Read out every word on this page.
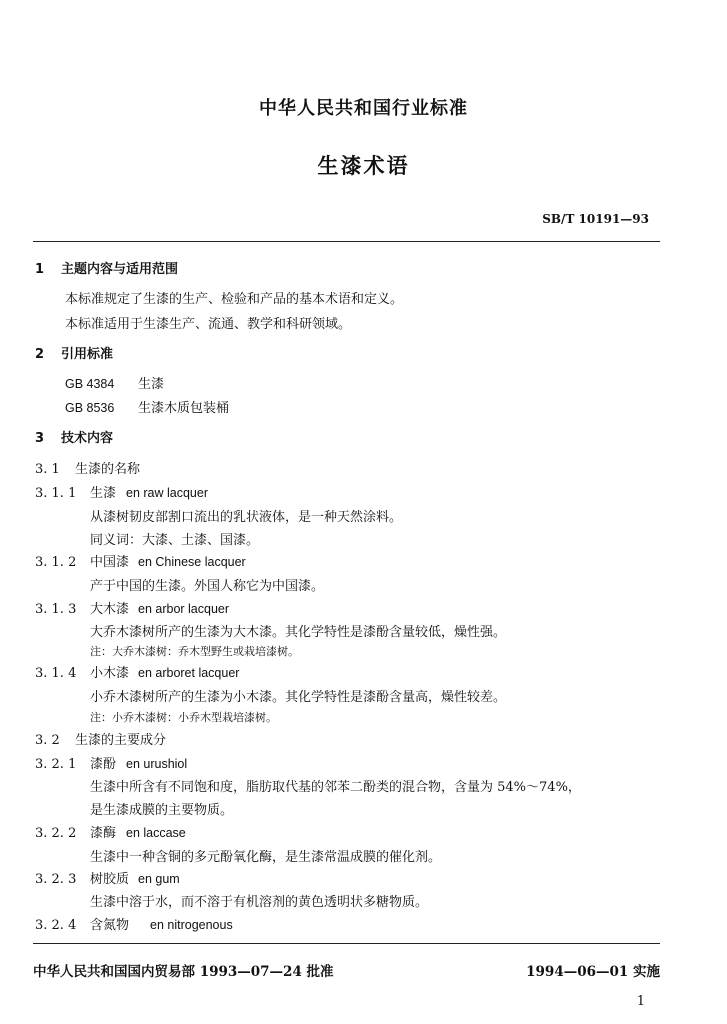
中华人民共和国行业标准
生漆术语
SB/T 10191—93
1 主题内容与适用范围
本标准规定了生漆的生产、检验和产品的基本术语和定义。
本标准适用于生漆生产、流通、教学和科研领域。
2 引用标准
GB 4384 生漆
GB 8536 生漆木质包装桶
3 技术内容
3. 1 生漆的名称
3. 1. 1 生漆 en raw lacquer
从漆树韧皮部割口流出的乳状液体，是一种天然涂料。
同义词：大漆、土漆、国漆。
3. 1. 2 中国漆 en Chinese lacquer
产于中国的生漆。外国人称它为中国漆。
3. 1. 3 大木漆 en arbor lacquer
大乔木漆树所产的生漆为大木漆。其化学特性是漆酚含量较低，燥性强。
注：大乔木漆树：乔木型野生或栽培漆树。
3. 1. 4 小木漆 en arboret lacquer
小乔木漆树所产的生漆为小木漆。其化学特性是漆酚含量高，燥性较差。
注：小乔木漆树：小乔木型栽培漆树。
3. 2 生漆的主要成分
3. 2. 1 漆酚 en urushiol
生漆中所含有不同饱和度，脂肪取代基的邻苯二酚类的混合物，含量为 54%～74%，
是生漆成膜的主要物质。
3. 2. 2 漆酶 en laccase
生漆中一种含铜的多元酚氧化酶，是生漆常温成膜的催化剂。
3. 2. 3 树胶质 en gum
生漆中溶于水，而不溶于有机溶剂的黄色透明状多糖物质。
3. 2. 4 含氮物 en nitrogenous
中华人民共和国国内贸易部 1993—07—24 批准	1994—06—01 实施
1
